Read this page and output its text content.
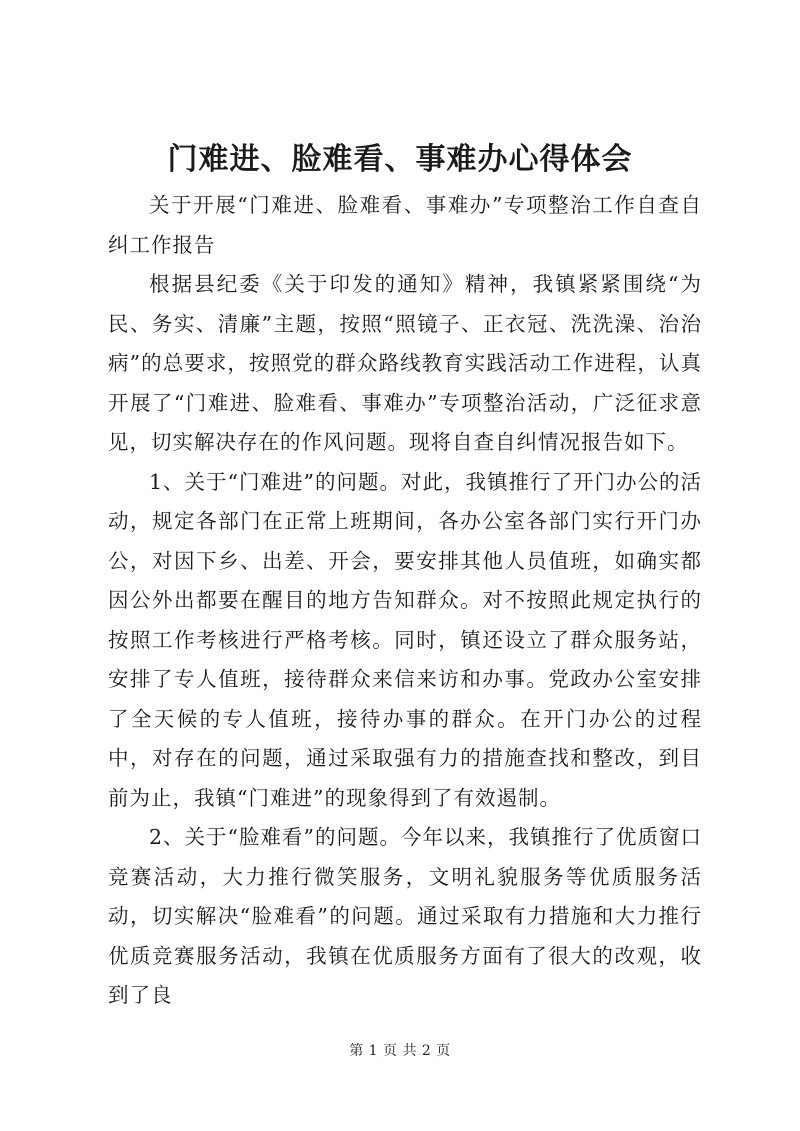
门难进、脸难看、事难办心得体会

关于开展“门难进、脸难看、事难办”专项整治工作自查自纠工作报告

根据县纪委《关于印发的通知》精神，我镇紧紧围绕“为民、务实、清廉”主题，按照“照镜子、正衣冠、洗洗澡、治治病”的总要求，按照党的群众路线教育实践活动工作进程，认真开展了“门难进、脸难看、事难办”专项整治活动，广泛征求意见，切实解决存在的作风问题。现将自查自纠情况报告如下。

1、关于“门难进”的问题。对此，我镇推行了开门办公的活动，规定各部门在正常上班期间，各办公室各部门实行开门办公，对因下乡、出差、开会，要安排其他人员值班，如确实都因公外出都要在醒目的地方告知群众。对不按照此规定执行的按照工作考核进行严格考核。同时，镇还设立了群众服务站，安排了专人值班，接待群众来信来访和办事。党政办公室安排了全天候的专人值班，接待办事的群众。在开门办公的过程中，对存在的问题，通过采取强有力的措施查找和整改，到目前为止，我镇“门难进”的现象得到了有效遏制。

2、关于“脸难看”的问题。今年以来，我镇推行了优质窗口竞赛活动，大力推行微笑服务，文明礼貌服务等优质服务活动，切实解决“脸难看”的问题。通过采取有力措施和大力推行优质竞赛服务活动，我镇在优质服务方面有了很大的改观，收到了良

第 1 页 共 2 页
